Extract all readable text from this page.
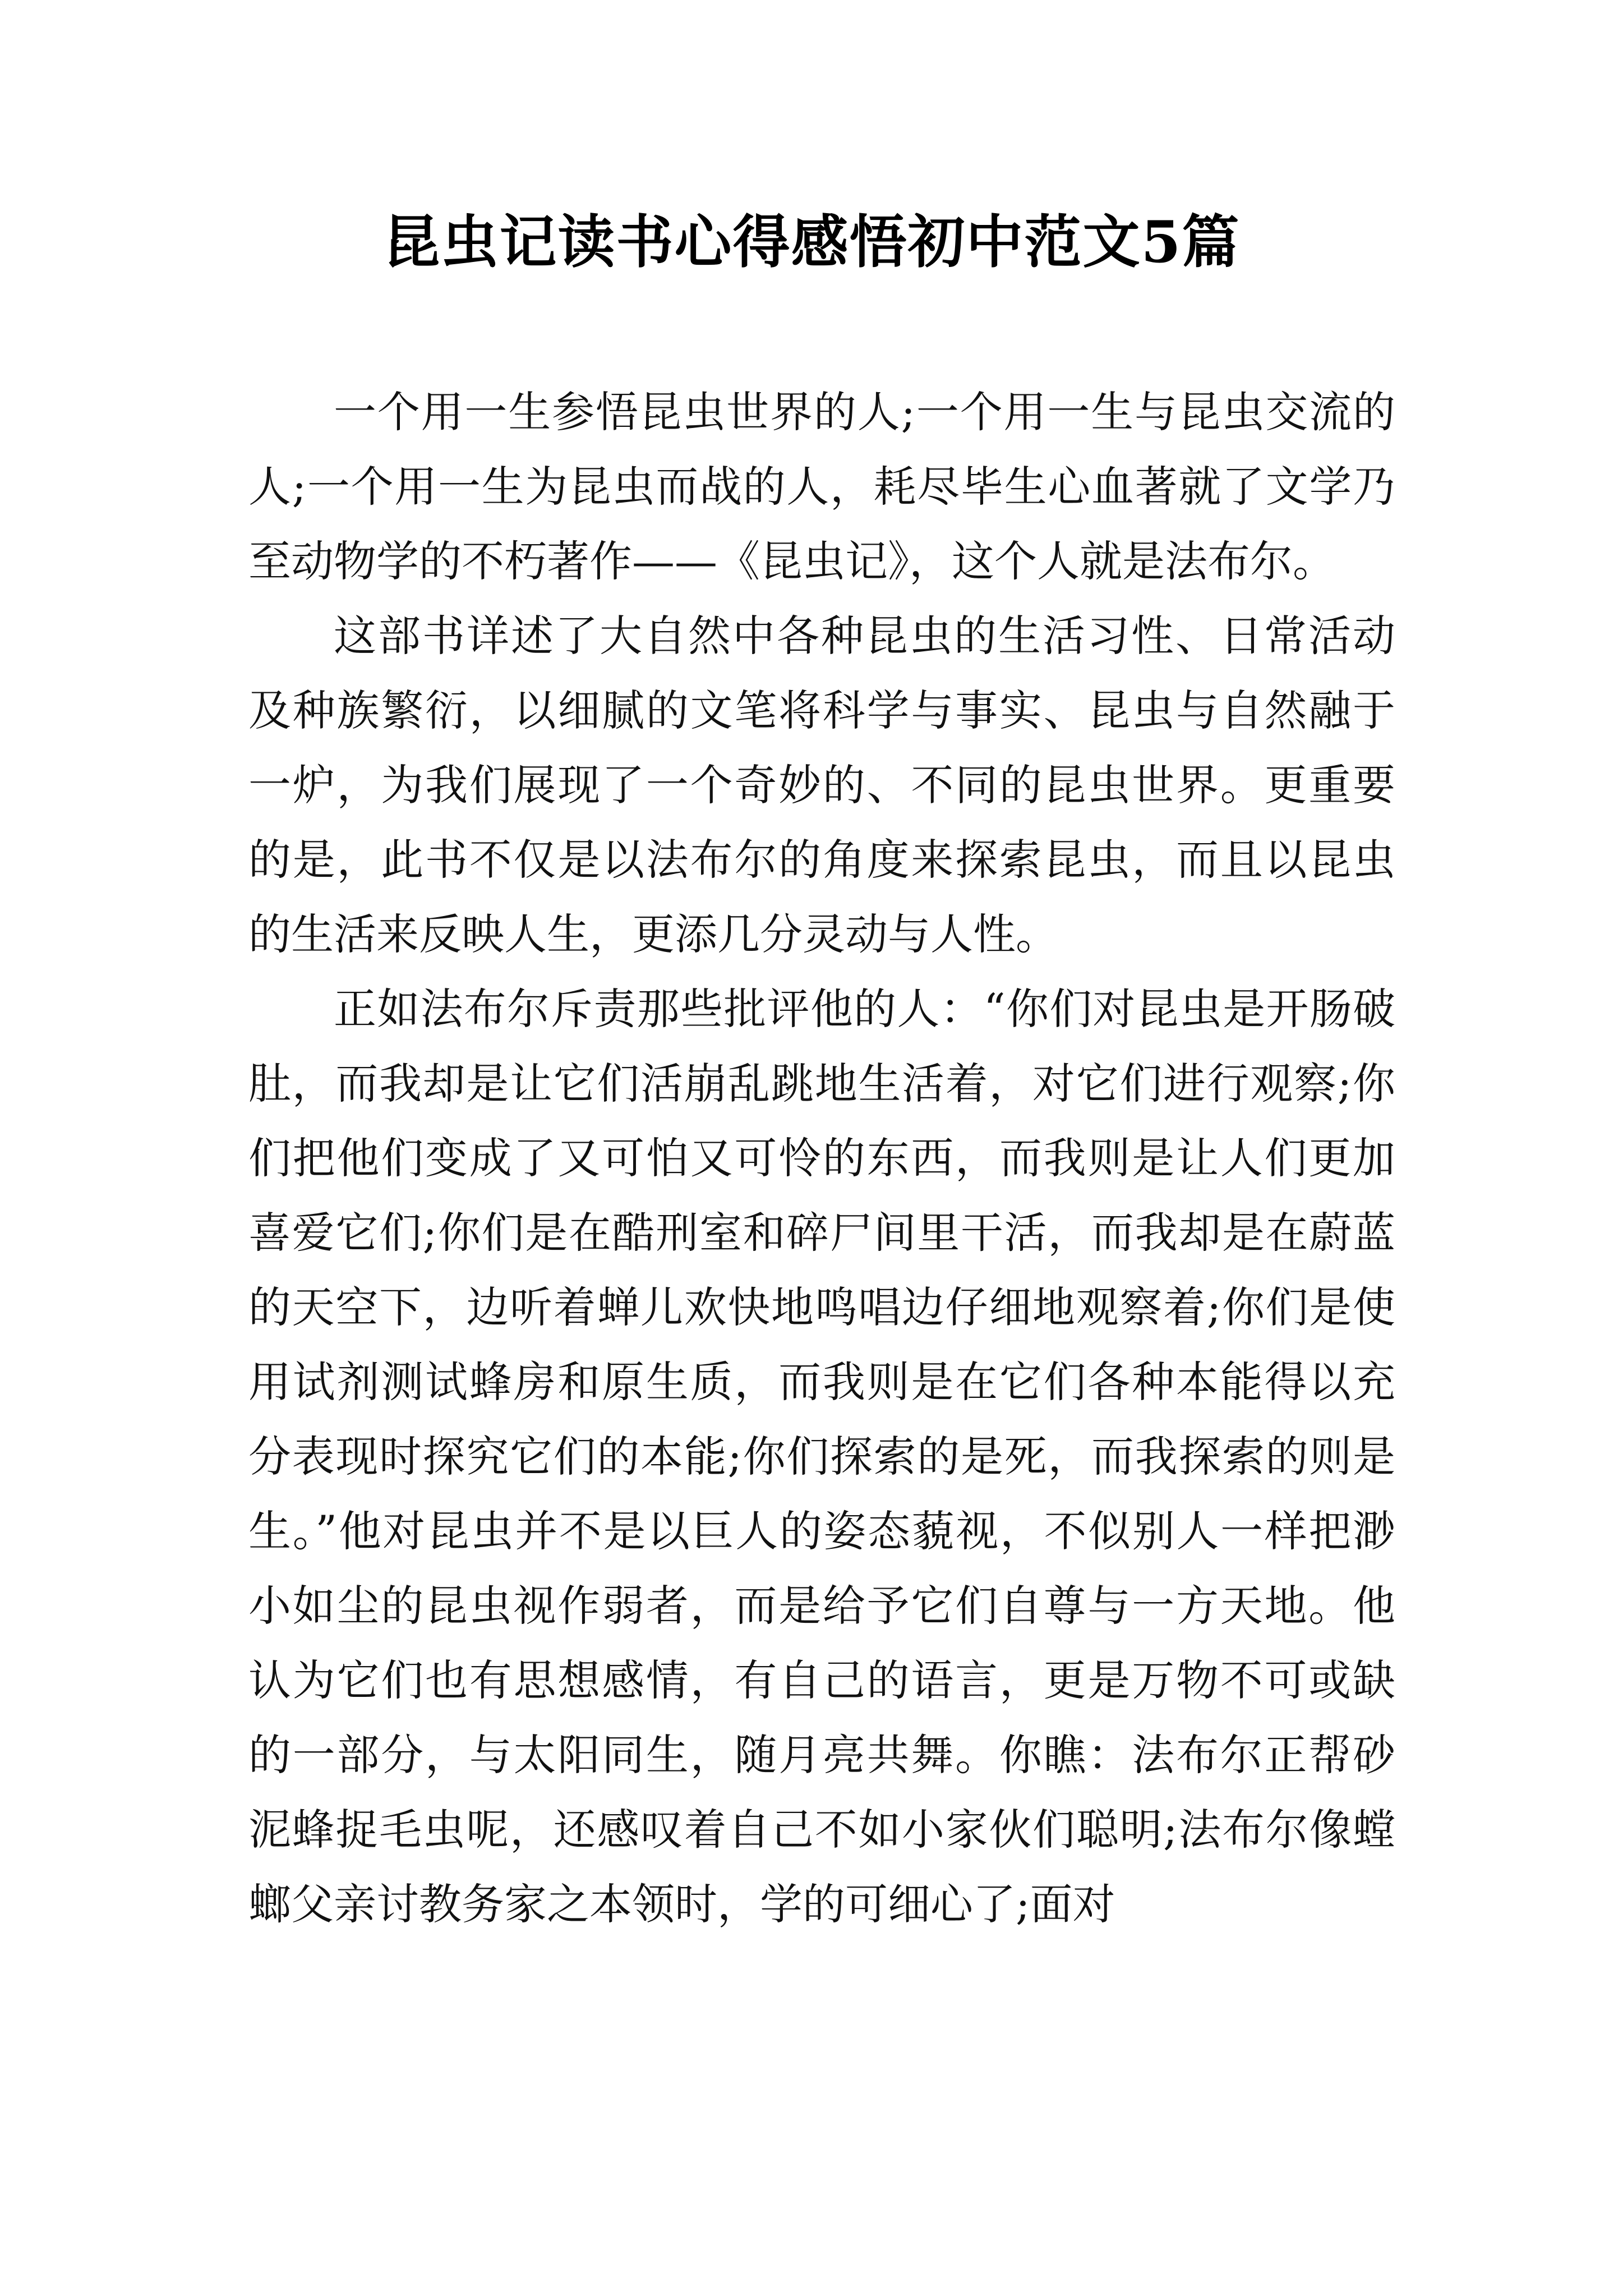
昆虫记读书心得感悟初中范文5篇

一个用一生参悟昆虫世界的人;一个用一生与昆虫交流的人;一个用一生为昆虫而战的人，耗尽毕生心血著就了文学乃至动物学的不朽著作——《昆虫记》，这个人就是法布尔。

这部书详述了大自然中各种昆虫的生活习性、日常活动及种族繁衍，以细腻的文笔将科学与事实、昆虫与自然融于一炉，为我们展现了一个奇妙的、不同的昆虫世界。更重要的是，此书不仅是以法布尔的角度来探索昆虫，而且以昆虫的生活来反映人生，更添几分灵动与人性。

正如法布尔斥责那些批评他的人：“你们对昆虫是开肠破肚，而我却是让它们活崩乱跳地生活着，对它们进行观察;你们把他们变成了又可怕又可怜的东西，而我则是让人们更加喜爱它们;你们是在酷刑室和碎尸间里干活，而我却是在蔚蓝的天空下，边听着蝉儿欢快地鸣唱边仔细地观察着;你们是使用试剂测试蜂房和原生质，而我则是在它们各种本能得以充分表现时探究它们的本能;你们探索的是死，而我探索的则是生。”他对昆虫并不是以巨人的姿态藐视，不似别人一样把渺小如尘的昆虫视作弱者，而是给予它们自尊与一方天地。他认为它们也有思想感情，有自己的语言，更是万物不可或缺的一部分，与太阳同生，随月亮共舞。你瞧：法布尔正帮砂泥蜂捉毛虫呢，还感叹着自己不如小家伙们聪明;法布尔像螳螂父亲讨教务家之本领时，学的可细心了;面对
